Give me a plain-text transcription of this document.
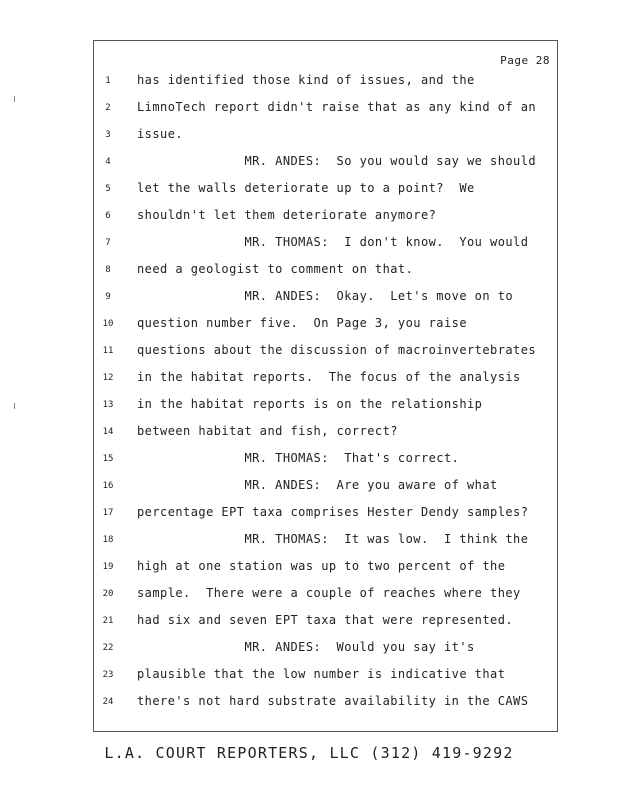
Page 28
1	has identified those kind of issues, and the
2	LimnoTech report didn't raise that as any kind of an
3	issue.
4	MR. ANDES:  So you would say we should
5	let the walls deteriorate up to a point?  We
6	shouldn't let them deteriorate anymore?
7	MR. THOMAS:  I don't know.  You would
8	need a geologist to comment on that.
9	MR. ANDES:  Okay.  Let's move on to
10	question number five.  On Page 3, you raise
11	questions about the discussion of macroinvertebrates
12	in the habitat reports.  The focus of the analysis
13	in the habitat reports is on the relationship
14	between habitat and fish, correct?
15	MR. THOMAS:  That's correct.
16	MR. ANDES:  Are you aware of what
17	percentage EPT taxa comprises Hester Dendy samples?
18	MR. THOMAS:  It was low.  I think the
19	high at one station was up to two percent of the
20	sample.  There were a couple of reaches where they
21	had six and seven EPT taxa that were represented.
22	MR. ANDES:  Would you say it's
23	plausible that the low number is indicative that
24	there's not hard substrate availability in the CAWS
L.A. COURT REPORTERS, LLC (312) 419-9292
